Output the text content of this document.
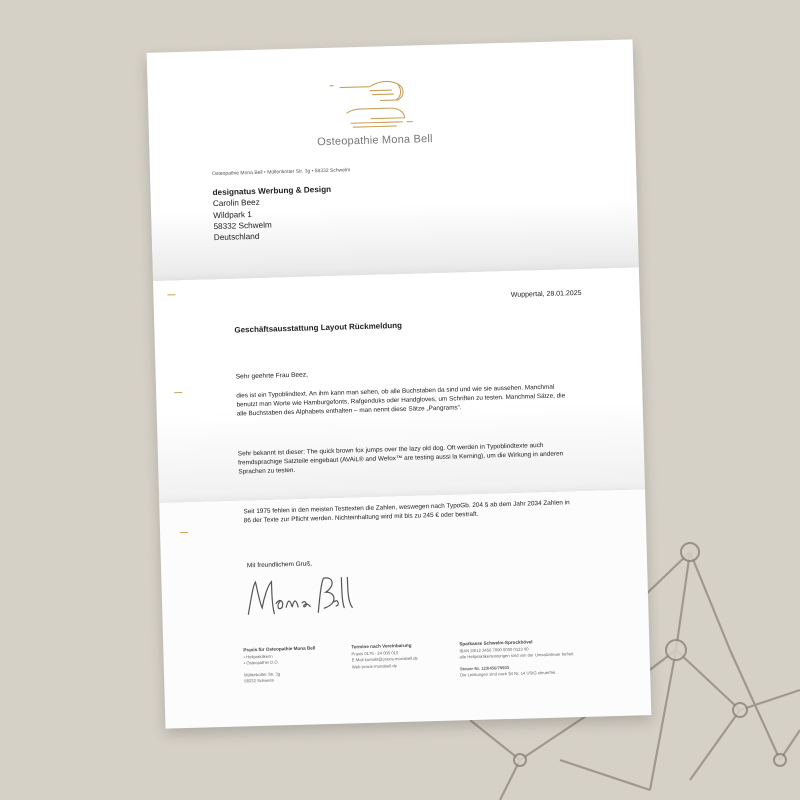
Osteopathie Mona Bell
Osteopathie Mona Bell • Müllenkotter Str. 3g • 58332 Schwelm
designatus Werbung & Design
Carolin Beez
Wildpark 1
58332 Schwelm
Deutschland
Wuppertal, 28.01.2025
Geschäftsausstattung Layout Rückmeldung
Sehr geehrte Frau Beez,
dies ist ein Typoblindtext. An ihm kann man sehen, ob alle Buchstaben da sind und wie sie aussehen. Manchmal benutzt man Worte wie Hamburgefonts, Rafgenduks oder Handgloves, um Schriften zu testen. Manchmal Sätze, die alle Buchstaben des Alphabets enthalten – man nennt diese Sätze „Pangrams“.
Sehr bekannt ist dieser: The quick brown fox jumps over the lazy old dog. Oft werden in Typoblindtexte auch fremdsprachige Satzteile eingebaut (AVAiL® and Wefox™ are testing aussi la Kerning), um die Wirkung in anderen Sprachen zu testen.
Seit 1975 fehlen in den meisten Testtexten die Zahlen, weswegen nach TypoGb. 204 § ab dem Jahr 2034 Zahlen in 86 der Texte zur Pflicht werden. Nichteinhaltung wird mit bis zu 245 € oder bestraft.
Mit freundlichem Gruß,
Praxis für Osteopathie Mona Bell
• Heilpraktikerin
• Osteopathin D.O.
Müllenkotter Str. 3g
58332 Schwelm
Termine nach Vereinbarung
Praxis 0176 - 24 005 010
E-Mail kontakt@praxis-monabell.de
Web praxis-monabell.de
Sparkasse Schwelm-Sprockhövel
IBAN DE12 3456 7890 0000 0123 00
alle Heilpraktikerleistungen sind von der Umsatzsteuer befreit
Steuer-Nr. 123/456/78903
Die Leistungen sind nach §4 Nr. 14 UStG steuerfrei.
